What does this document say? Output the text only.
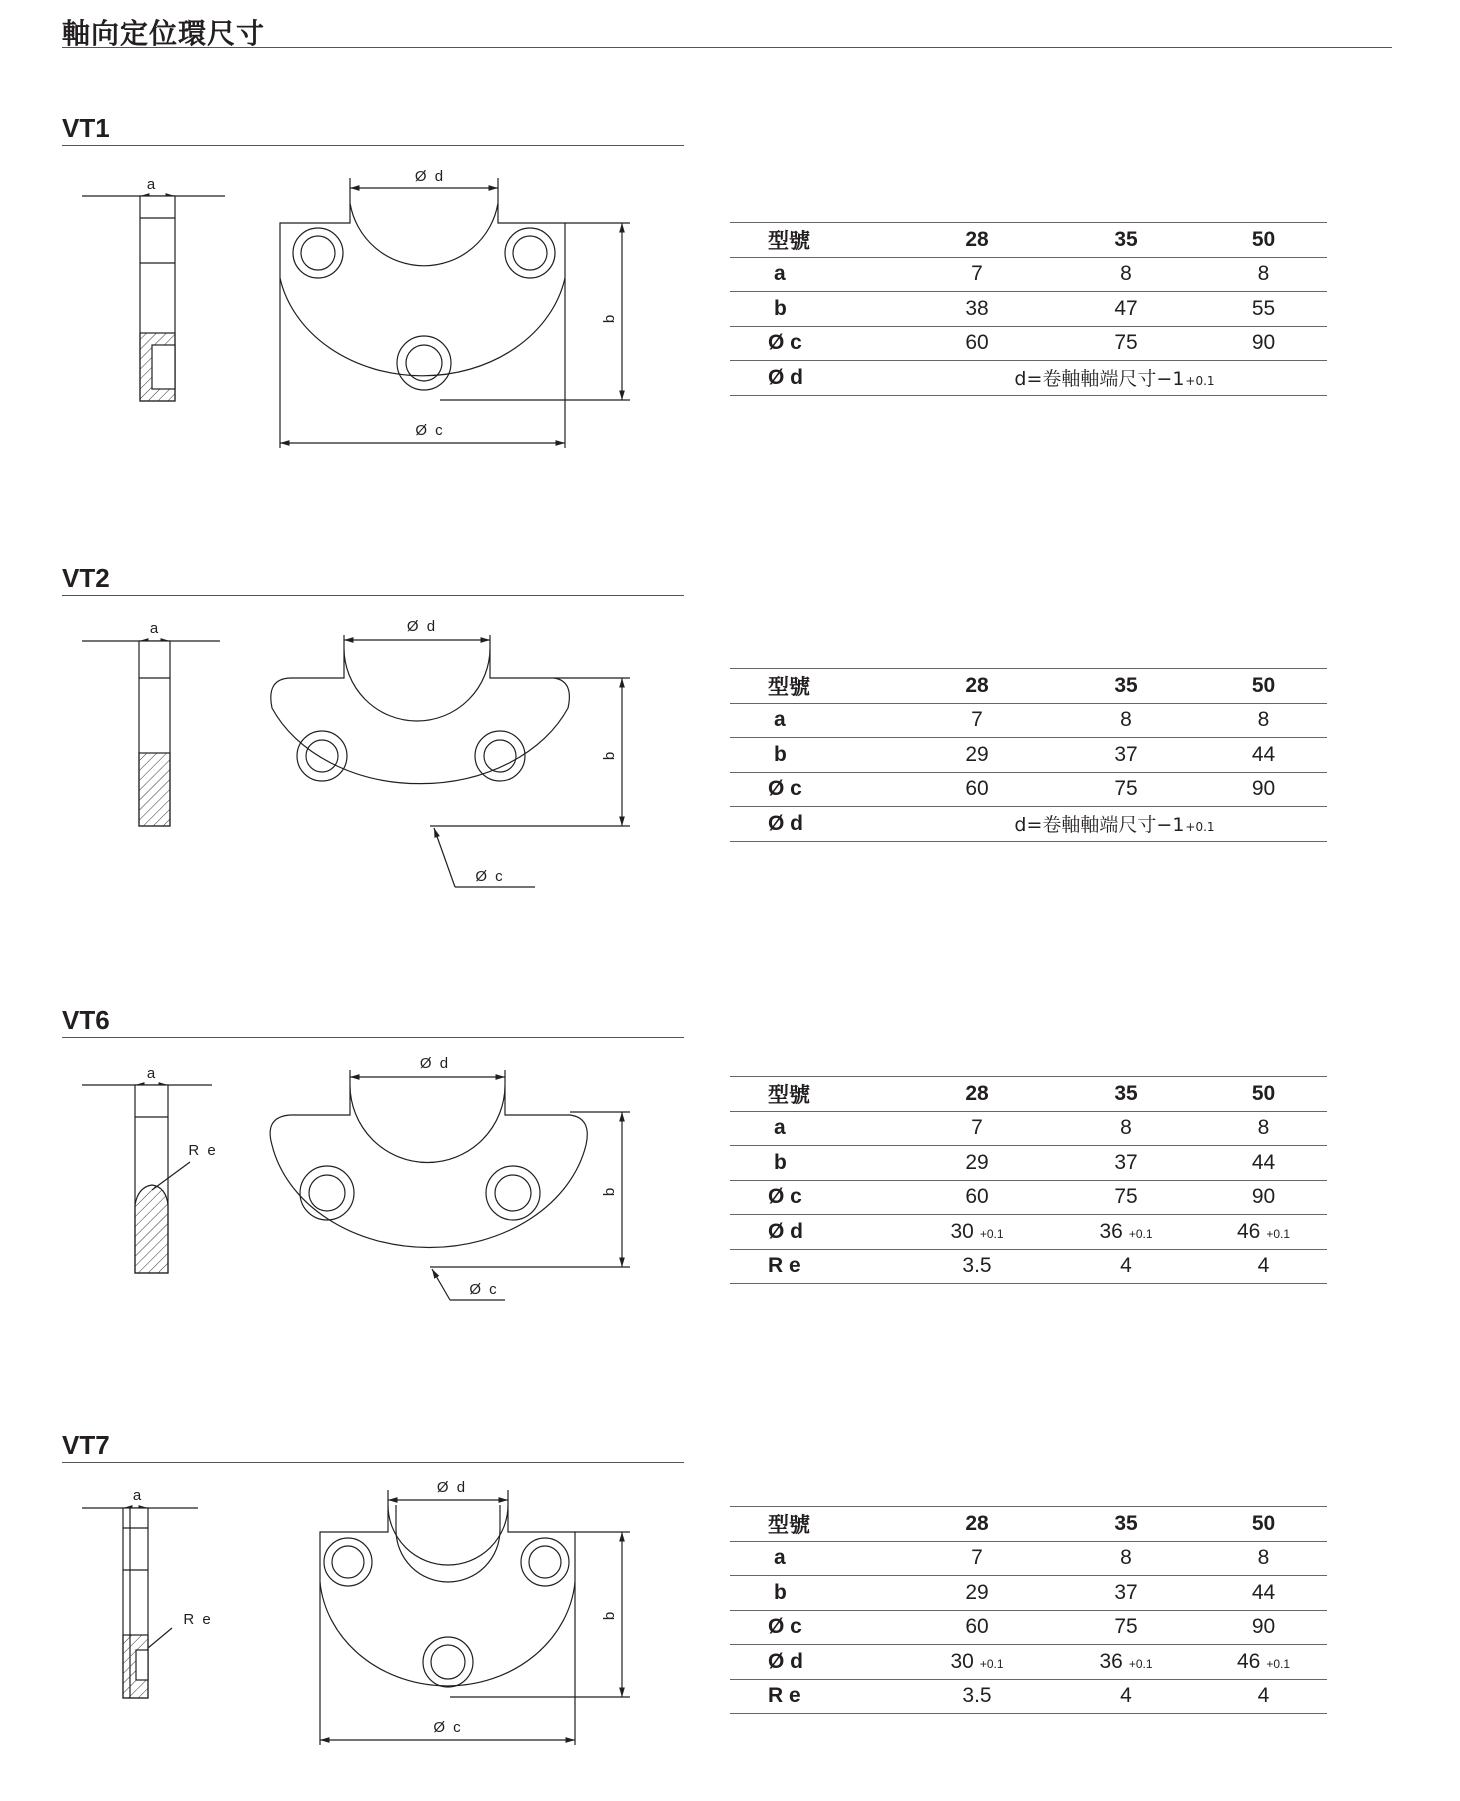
軸向定位環尺寸
VT1
a	Ø d
b
Ø c
型號	28	35	50
a	7	8	8
b	38	47	55
Ø c	60	75	90
Ø d	d=卷軸軸端尺寸−1+0.1		
VT2
a	Ø d
b
Ø c
型號	28	35	50
a	7	8	8
b	29	37	44
Ø c	60	75	90
Ø d	d=卷軸軸端尺寸−1+0.1		
VT6
a
R e
Ø d
b
Ø c
型號	28	35	50
a	7	8	8
b	29	37	44
Ø c	60	75	90
Ø d	30 +0.1	36 +0.1	46 +0.1
R e	3.5	4	4
VT7
a
R e
Ø d
b
Ø c
型號	28	35	50
a	7	8	8
b	29	37	44
Ø c	60	75	90
Ø d	30 +0.1	36 +0.1	46 +0.1
R e	3.5	4	4
